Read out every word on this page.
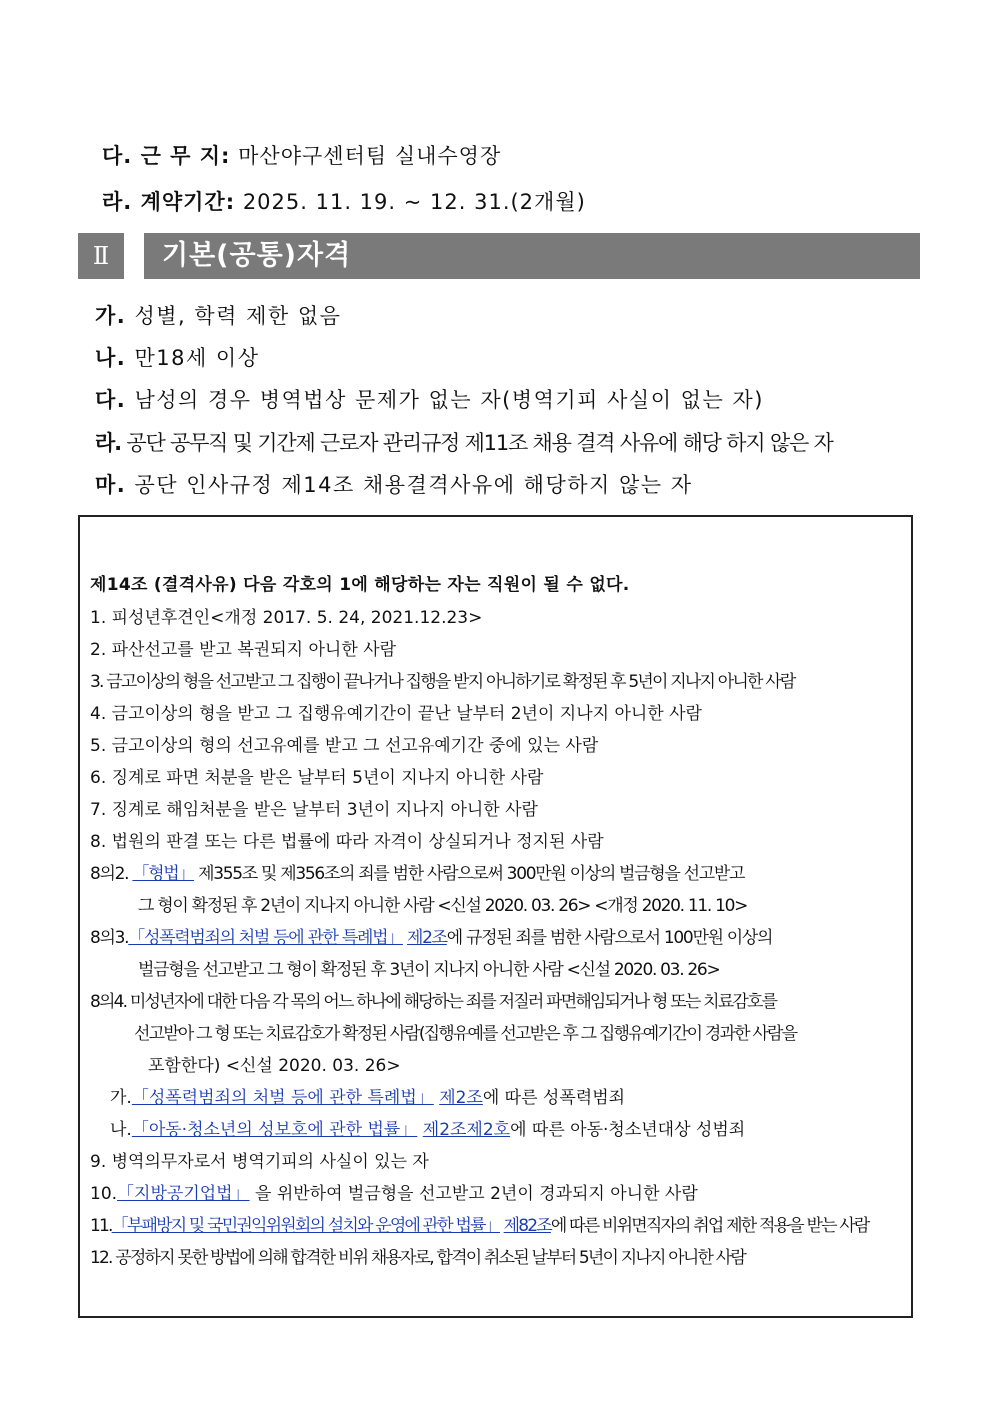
다. 근 무 지: 마산야구센터팀 실내수영장
라. 계약기간: 2025. 11. 19. ~ 12. 31.(2개월)
Ⅱ	기본(공통)자격
가. 성별, 학력 제한 없음
나. 만18세 이상
다. 남성의 경우 병역법상 문제가 없는 자(병역기피 사실이 없는 자)
라. 공단 공무직 및 기간제 근로자 관리규정 제11조 채용 결격 사유에 해당 하지 않은 자
마. 공단 인사규정 제14조 채용결격사유에 해당하지 않는 자
제14조 (결격사유) 다음 각호의 1에 해당하는 자는 직원이 될 수 없다.
1. 피성년후견인<개정 2017. 5. 24, 2021.12.23>
2. 파산선고를 받고 복권되지 아니한 사람
3. 금고이상의 형을 선고받고 그 집행이 끝나거나 집행을 받지 아니하기로 확정된 후 5년이 지나지 아니한 사람
4. 금고이상의 형을 받고 그 집행유예기간이 끝난 날부터 2년이 지나지 아니한 사람
5. 금고이상의 형의 선고유예를 받고 그 선고유예기간 중에 있는 사람
6. 징계로 파면 처분을 받은 날부터 5년이 지나지 아니한 사람
7. 징계로 해임처분을 받은 날부터 3년이 지나지 아니한 사람
8. 법원의 판결 또는 다른 법률에 따라 자격이 상실되거나 정지된 사람
8의2. 「형법」 제355조 및 제356조의 죄를 범한 사람으로써 300만원 이상의 벌금형을 선고받고
그 형이 확정된 후 2년이 지나지 아니한 사람 <신설 2020. 03. 26> <개정 2020. 11. 10>
8의3.「성폭력범죄의 처벌 등에 관한 특례법」 제2조에 규정된 죄를 범한 사람으로서 100만원 이상의
벌금형을 선고받고 그 형이 확정된 후 3년이 지나지 아니한 사람 <신설 2020. 03. 26>
8의4. 미성년자에 대한 다음 각 목의 어느 하나에 해당하는 죄를 저질러 파면해임되거나 형 또는 치료감호를
선고받아 그 형 또는 치료감호가 확정된 사람(집행유예를 선고받은 후 그 집행유예기간이 경과한 사람을
포함한다) <신설 2020. 03. 26>
가.「성폭력범죄의 처벌 등에 관한 특례법」 제2조에 따른 성폭력범죄
나.「아동·청소년의 성보호에 관한 법률」 제2조제2호에 따른 아동·청소년대상 성범죄
9. 병역의무자로서 병역기피의 사실이 있는 자
10.「지방공기업법」 을 위반하여 벌금형을 선고받고 2년이 경과되지 아니한 사람
11.「부패방지 및 국민권익위원회의 설치와 운영에 관한 법률」 제82조에 따른 비위면직자의 취업 제한 적용을 받는 사람
12. 공정하지 못한 방법에 의해 합격한 비위 채용자로, 합격이 취소된 날부터 5년이 지나지 아니한 사람
